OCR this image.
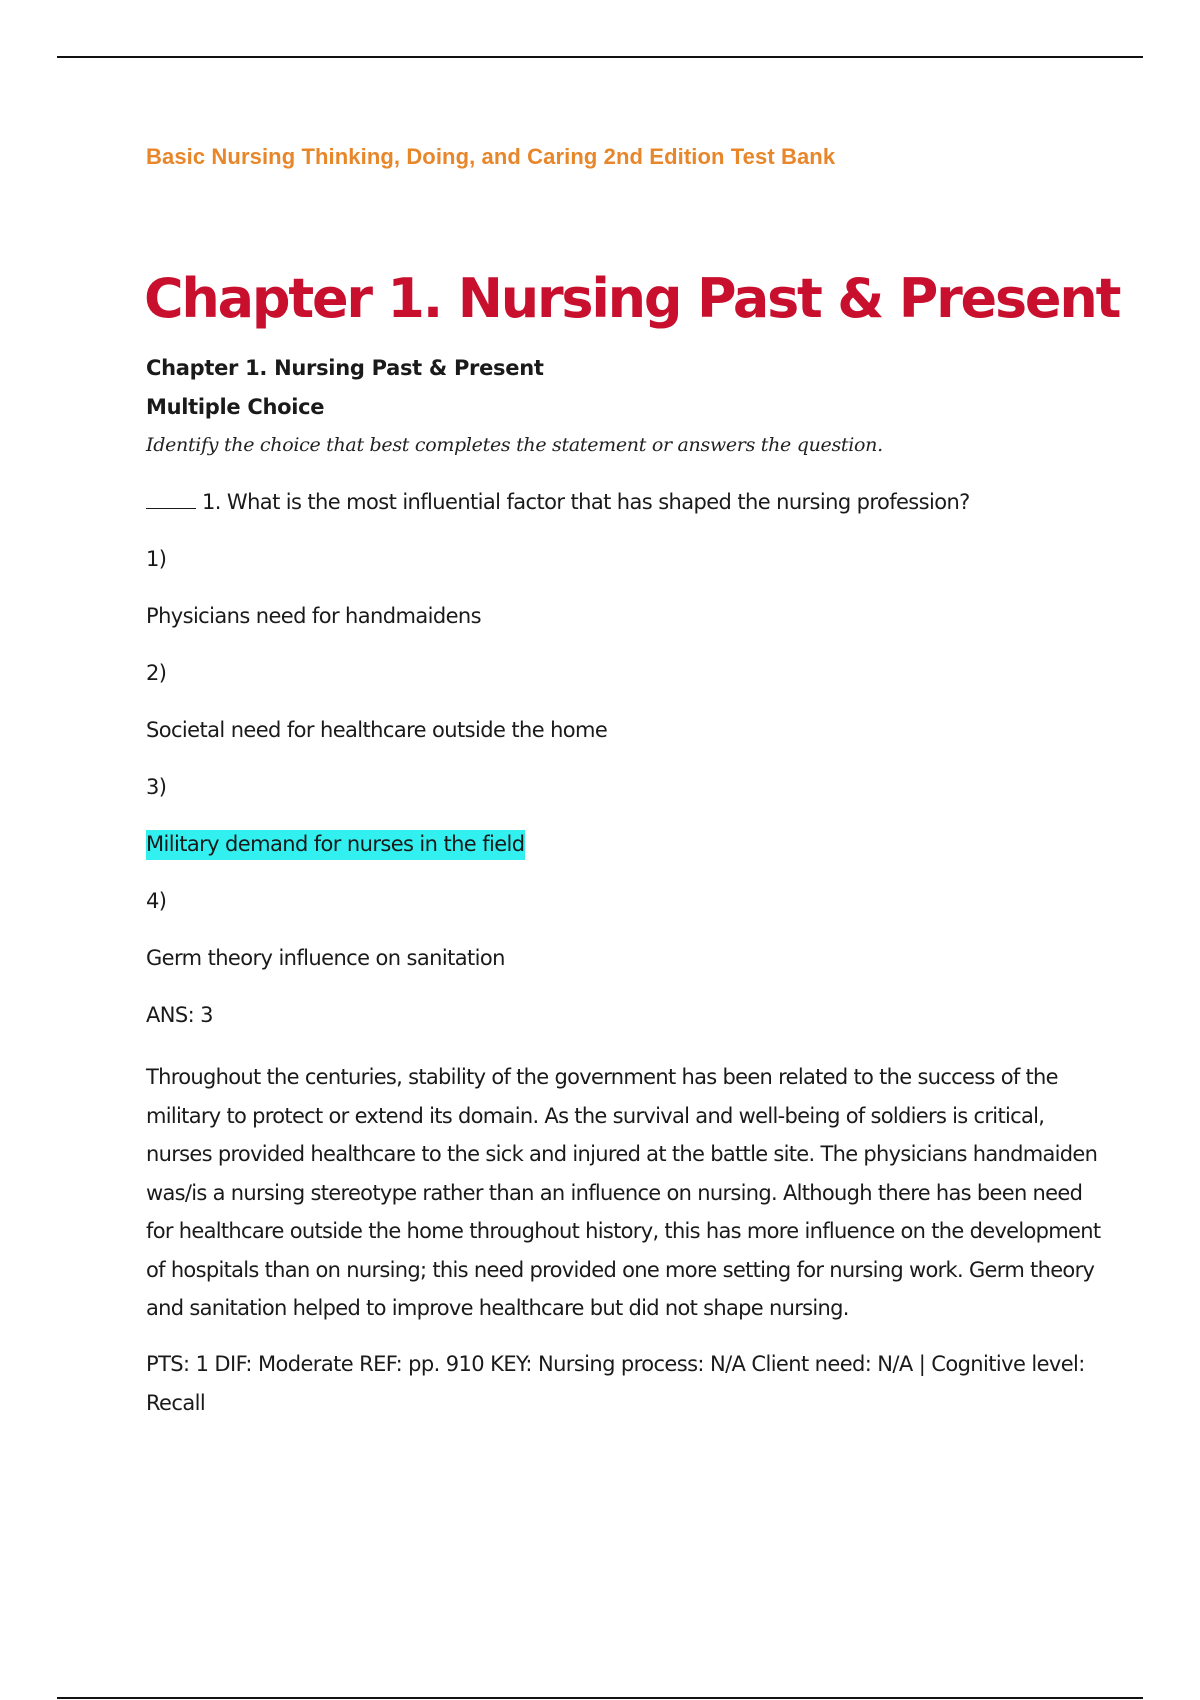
Basic Nursing Thinking, Doing, and Caring 2nd Edition Test Bank
Chapter 1. Nursing Past & Present
Chapter 1. Nursing Past & Present
Multiple Choice
Identify the choice that best completes the statement or answers the question.
1. What is the most influential factor that has shaped the nursing profession?
1)
Physicians need for handmaidens
2)
Societal need for healthcare outside the home
3)
Military demand for nurses in the field
4)
Germ theory influence on sanitation
ANS: 3
Throughout the centuries, stability of the government has been related to the success of the military to protect or extend its domain. As the survival and well-being of soldiers is critical, nurses provided healthcare to the sick and injured at the battle site. The physicians handmaiden was/is a nursing stereotype rather than an influence on nursing. Although there has been need for healthcare outside the home throughout history, this has more influence on the development of hospitals than on nursing; this need provided one more setting for nursing work. Germ theory and sanitation helped to improve healthcare but did not shape nursing.
PTS: 1 DIF: Moderate REF: pp. 910 KEY: Nursing process: N/A Client need: N/A | Cognitive level: Recall
